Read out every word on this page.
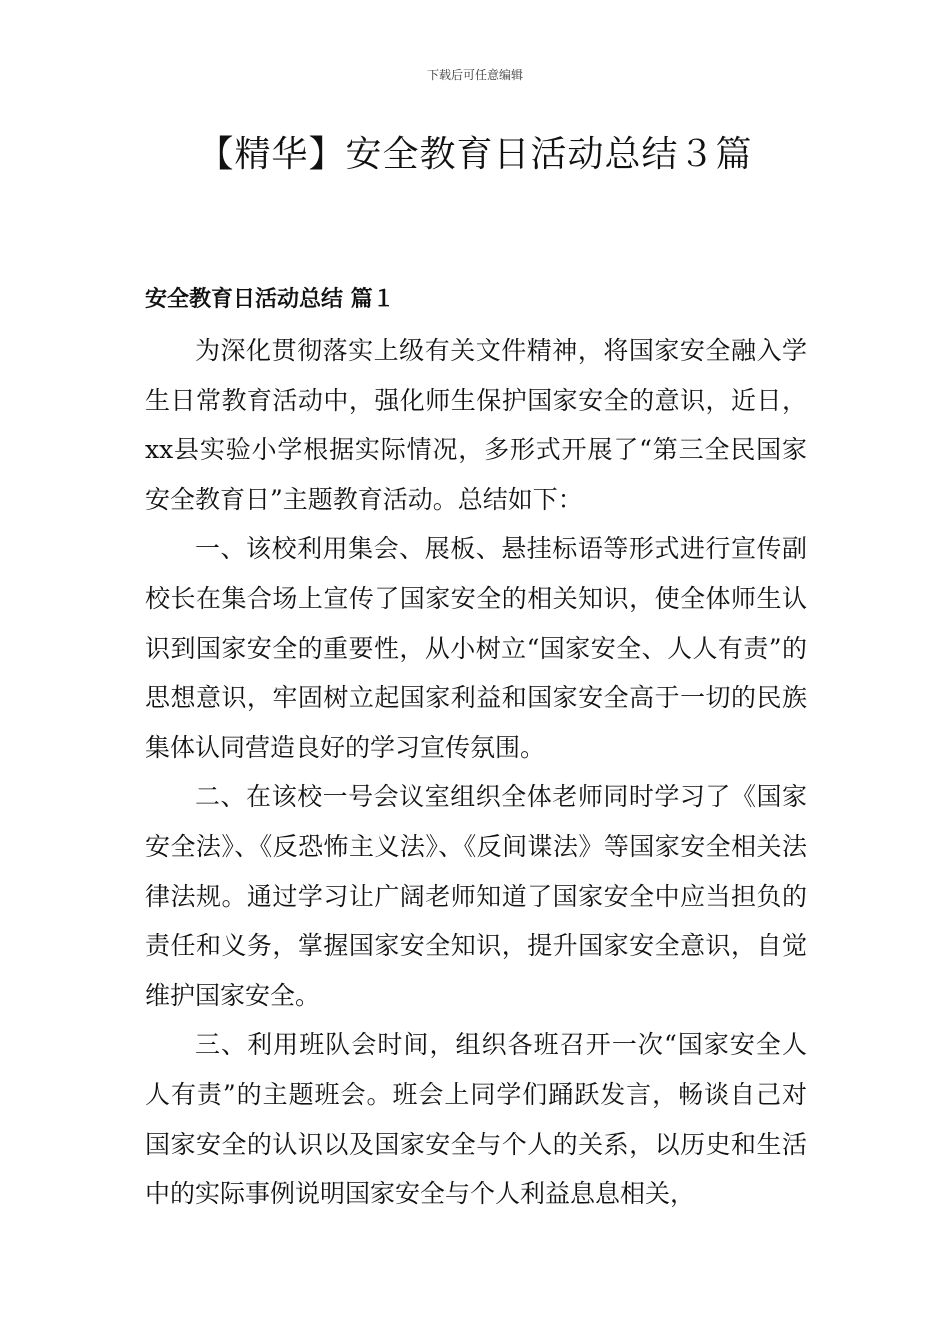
下载后可任意编辑
【精华】安全教育日活动总结３篇
安全教育日活动总结 篇１

为深化贯彻落实上级有关文件精神，将国家安全融入学生日常教育活动中，强化师生保护国家安全的意识，近日，xx县实验小学根据实际情况，多形式开展了“第三全民国家安全教育日”主题教育活动。总结如下：

一、该校利用集会、展板、悬挂标语等形式进行宣传副校长在集合场上宣传了国家安全的相关知识，使全体师生认识到国家安全的重要性，从小树立“国家安全、人人有责”的思想意识，牢固树立起国家利益和国家安全高于一切的民族集体认同营造良好的学习宣传氛围。

二、在该校一号会议室组织全体老师同时学习了《国家安全法》、《反恐怖主义法》、《反间谍法》等国家安全相关法律法规。通过学习让广阔老师知道了国家安全中应当担负的责任和义务，掌握国家安全知识，提升国家安全意识，自觉维护国家安全。

三、利用班队会时间，组织各班召开一次“国家安全人人有责”的主题班会。班会上同学们踊跃发言，畅谈自己对国家安全的认识以及国家安全与个人的关系，以历史和生活中的实际事例说明国家安全与个人利益息息相关，
